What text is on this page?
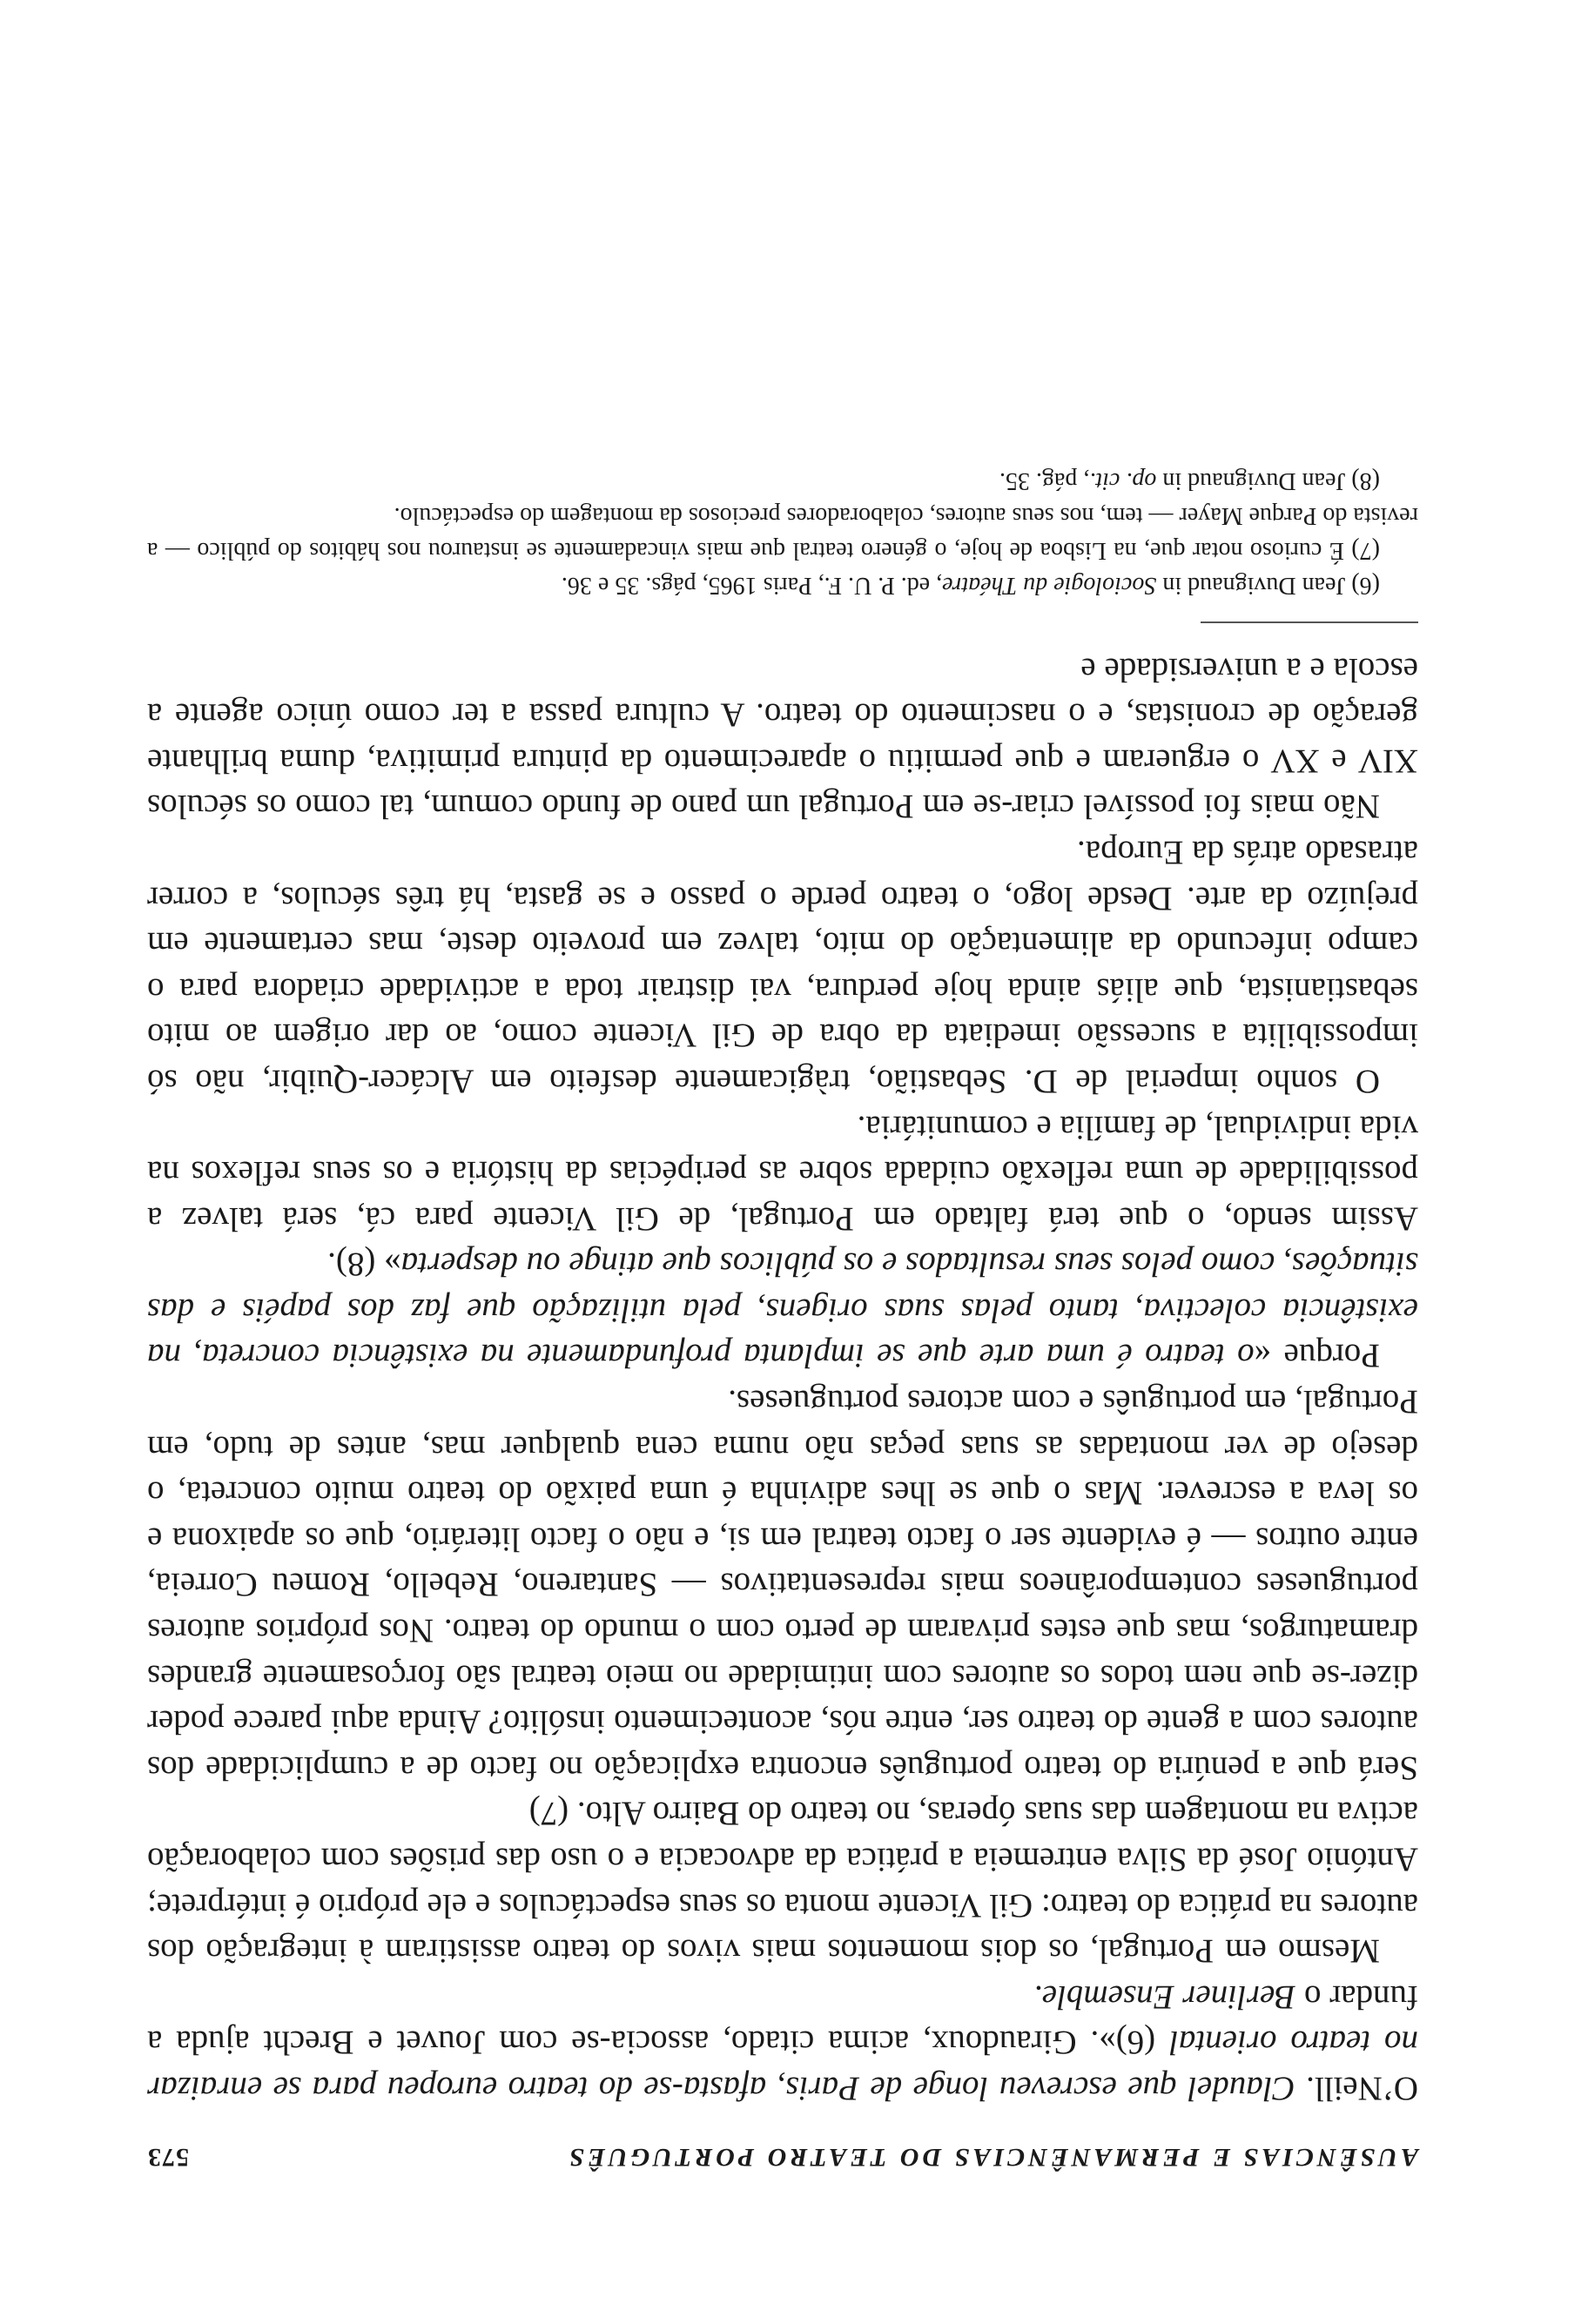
AUSÊNCIAS E PERMANÊNCIAS DO TEATRO PORTUGUÊS
573

O’Neill. Claudel que escreveu longe de Paris, afasta-se do teatro europeu para se enraizar no teatro oriental (6)». Giraudoux, acima citado, associa-se com Jouvet e Brecht ajuda a fundar o Berliner Ensemble.

Mesmo em Portugal, os dois momentos mais vivos do teatro assistiram à integração dos autores na prática do teatro: Gil Vicente monta os seus espectáculos e ele próprio é intérprete; António José da Silva entremeia a prática da advocacia e o uso das prisões com colaboração activa na montagem das suas óperas, no teatro do Bairro Alto. (7)

Será que a penúria do teatro português encontra explicação no facto de a cumplicidade dos autores com a gente do teatro ser, entre nós, acontecimento insólito? Ainda aqui parece poder dizer-se que nem todos os autores com intimidade no meio teatral são forçosamente grandes dramaturgos, mas que estes privaram de perto com o mundo do teatro. Nos próprios autores portugueses contemporâneos mais representativos — Santareno, Rebello, Romeu Correia, entre outros — é evidente ser o facto teatral em si, e não o facto literário, que os apaixona e os leva a escrever. Mas o que se lhes adivinha é uma paixão do teatro muito concreta, o desejo de ver montadas as suas peças não numa cena qualquer mas, antes de tudo, em Portugal, em português e com actores portugueses.

Porque «o teatro é uma arte que se implanta profundamente na existência concreta, na existência colectiva, tanto pelas suas origens, pela utilização que faz dos papéis e das situações, como pelos seus resultados e os públicos que atinge ou desperta» (8).

Assim sendo, o que terá faltado em Portugal, de Gil Vicente para cá, será talvez a possibilidade de uma reflexão cuidada sobre as peripécias da história e os seus reflexos na vida individual, de família e comunitária.

O sonho imperial de D. Sebastião, tràgicamente desfeito em Alcácer-Quibir, não só impossibilita a sucessão imediata da obra de Gil Vicente como, ao dar origem ao mito sebastianista, que aliás ainda hoje perdura, vai distrair toda a actividade criadora para o campo infecundo da alimentação do mito, talvez em proveito deste, mas certamente em prejuízo da arte. Desde logo, o teatro perde o passo e se gasta, há três séculos, a correr atrasado atrás da Europa.

Não mais foi possível criar-se em Portugal um pano de fundo comum, tal como os séculos XIV e XV o ergueram e que permitiu o aparecimento da pintura primitiva, duma brilhante geração de cronistas, e o nascimento do teatro. A cultura passa a ter como único agente a escola e a universidade e

(6) Jean Duvignaud in Sociologie du Théatre, ed. P. U. F., Paris 1965, págs. 35 e 36.

(7) É curioso notar que, na Lisboa de hoje, o género teatral que mais vincadamente se instaurou nos hábitos do público — a revista do Parque Mayer — tem, nos seus autores, colaboradores preciosos da montagem do espectáculo.

(8) Jean Duvignaud in op. cit., pág. 35.
